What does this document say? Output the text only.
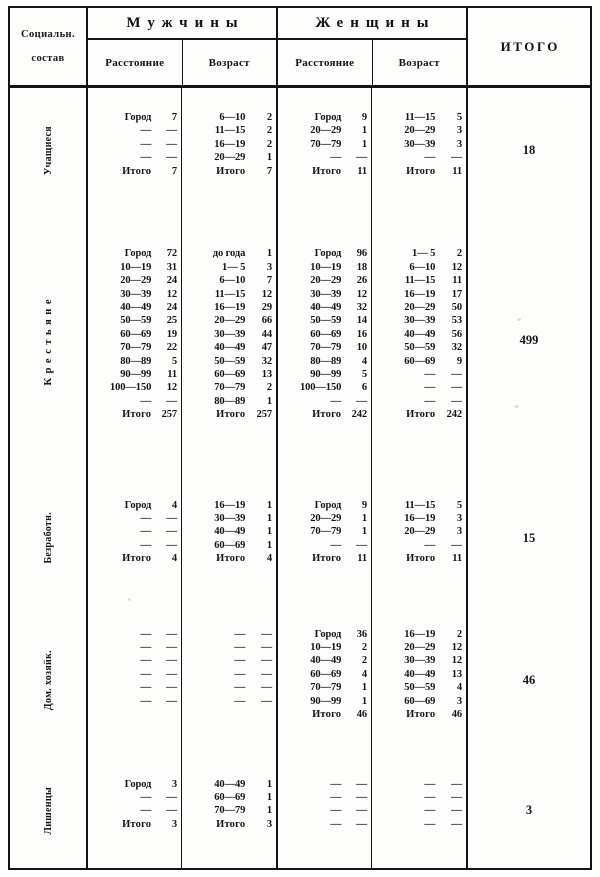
Социальн.
состав
Мужчины
Расстояние	Возраст
Женщины
Расстояние	Возраст
ИТОГО
Учащиеся
Город
—
—
—
Итого
7
—
—
—
7
6—10
11—15
16—19
20—29
Итого
2
2
2
1
7
Город
20—29
70—79
—
Итого
9
1
1
—
11
11—15
20—29
30—39
—
Итого
5
3
3
—
11
18
Крестьяне
Город
10—19
20—29
30—39
40—49
50—59
60—69
70—79
80—89
90—99
100—150
—
Итого
72
31
24
12
24
25
19
22
5
11
12
—
257
до года
1— 5
6—10
11—15
16—19
20—29
30—39
40—49
50—59
60—69
70—79
80—89
Итого
1
3
7
12
29
66
44
47
32
13
2
1
257
Город
10—19
20—29
30—39
40—49
50—59
60—69
70—79
80—89
90—99
100—150
—
Итого
96
18
26
12
32
14
16
10
4
5
6
—
242
1— 5
6—10
11—15
16—19
20—29
30—39
40—49
50—59
60—69
—
—
—
Итого
2
12
11
17
50
53
56
32
9
—
—
—
242
499
Безработн.
Город
—
—
—
Итого
4
—
—
—
4
16—19
30—39
40—49
60—69
Итого
1
1
1
1
4
Город
20—29
70—79
—
Итого
9
1
1
—
11
11—15
16—19
20—29
—
Итого
5
3
3
—
11
15
Дом. хозяйк.
—
—
—
—
—
—
—
—
—
—
—
—
—
—
—
—
—
—
—
—
—
—
—
—
Город
10—19
40—49
60—69
70—79
90—99
Итого
36
2
2
4
1
1
46
16—19
20—29
30—39
40—49
50—59
60—69
Итого
2
12
12
13
4
3
46
46
Лишенцы
Город
—
—
Итого
3
—
—
3
40—49
60—69
70—79
Итого
1
1
1
3
—
—
—
—
—
—
—
—
—
—
—
—
—
—
—
—
3
